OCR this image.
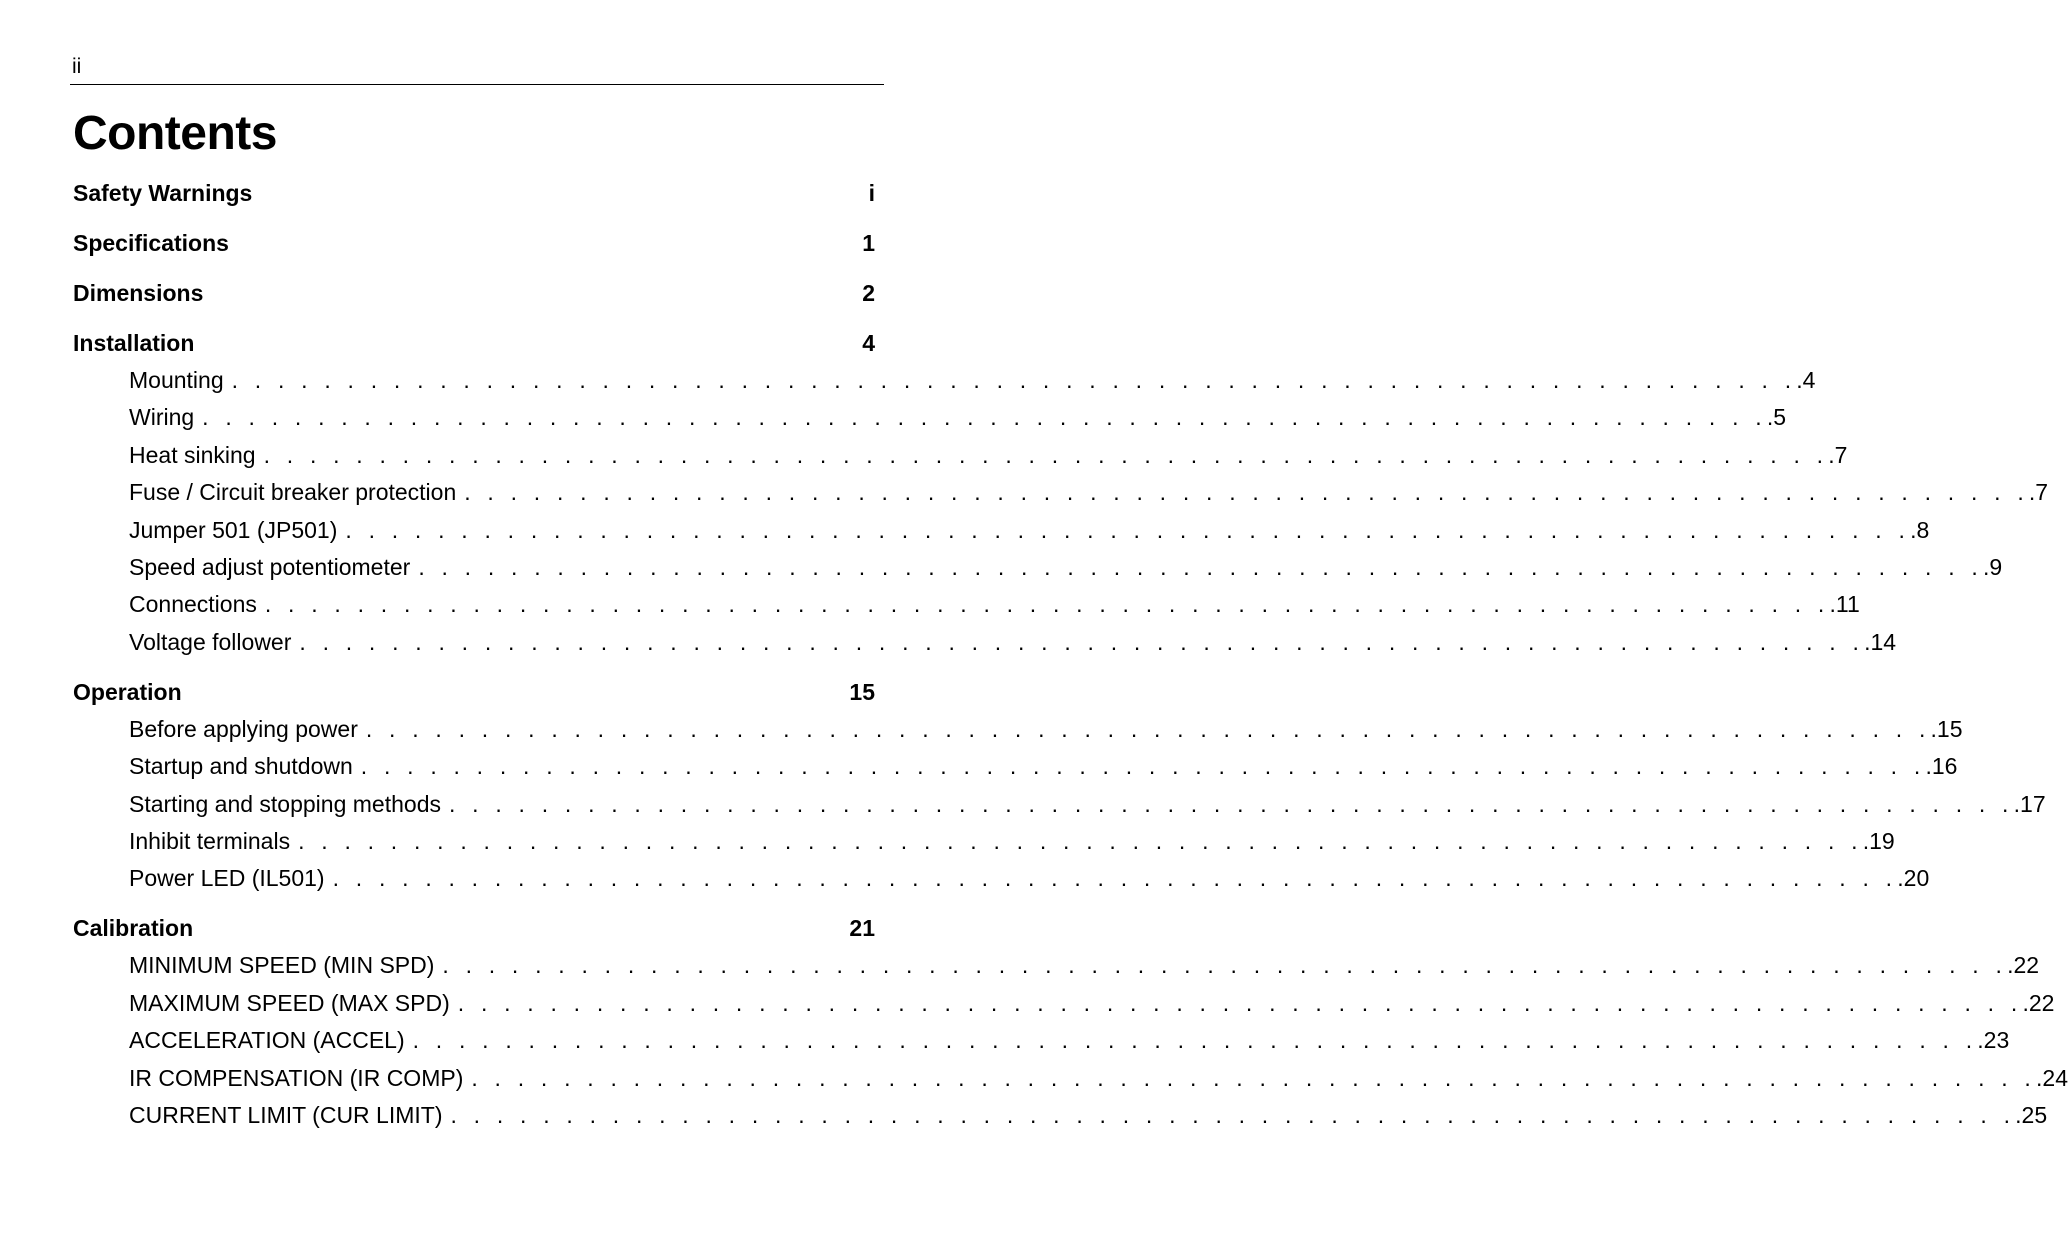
ii
Contents
Safety Warnings	i
Specifications	1
Dimensions	2
Installation	4
Mounting . . . . . . . . . . . . . . . . . . . . . . . . . . . . . . . . . . . . . . . . . . . . . . . . . . . . . . . . . . . . . . . . . . . . .4
Wiring . . . . . . . . . . . . . . . . . . . . . . . . . . . . . . . . . . . . . . . . . . . . . . . . . . . . . . . . . . . . . . . . . . . . .5
Heat sinking . . . . . . . . . . . . . . . . . . . . . . . . . . . . . . . . . . . . . . . . . . . . . . . . . . . . . . . . . . . . . . . . . . . . .7
Fuse / Circuit breaker protection . . . . . . . . . . . . . . . . . . . . . . . . . . . . . . . . . . . . . . . . . . . . . . . . . . . . . . . . . . . . . . . . . . . . .7
Jumper 501 (JP501) . . . . . . . . . . . . . . . . . . . . . . . . . . . . . . . . . . . . . . . . . . . . . . . . . . . . . . . . . . . . . . . . . . . . .8
Speed adjust potentiometer . . . . . . . . . . . . . . . . . . . . . . . . . . . . . . . . . . . . . . . . . . . . . . . . . . . . . . . . . . . . . . . . . . . . .9
Connections . . . . . . . . . . . . . . . . . . . . . . . . . . . . . . . . . . . . . . . . . . . . . . . . . . . . . . . . . . . . . . . . . . . . .11
Voltage follower . . . . . . . . . . . . . . . . . . . . . . . . . . . . . . . . . . . . . . . . . . . . . . . . . . . . . . . . . . . . . . . . . . . . .14
Operation	15
Before applying power . . . . . . . . . . . . . . . . . . . . . . . . . . . . . . . . . . . . . . . . . . . . . . . . . . . . . . . . . . . . . . . . . . . . .15
Startup and shutdown . . . . . . . . . . . . . . . . . . . . . . . . . . . . . . . . . . . . . . . . . . . . . . . . . . . . . . . . . . . . . . . . . . . . .16
Starting and stopping methods . . . . . . . . . . . . . . . . . . . . . . . . . . . . . . . . . . . . . . . . . . . . . . . . . . . . . . . . . . . . . . . . . . . . .17
Inhibit terminals . . . . . . . . . . . . . . . . . . . . . . . . . . . . . . . . . . . . . . . . . . . . . . . . . . . . . . . . . . . . . . . . . . . . .19
Power LED (IL501) . . . . . . . . . . . . . . . . . . . . . . . . . . . . . . . . . . . . . . . . . . . . . . . . . . . . . . . . . . . . . . . . . . . . .20
Calibration	21
MINIMUM SPEED (MIN SPD) . . . . . . . . . . . . . . . . . . . . . . . . . . . . . . . . . . . . . . . . . . . . . . . . . . . . . . . . . . . . . . . . . . . . .22
MAXIMUM SPEED (MAX SPD) . . . . . . . . . . . . . . . . . . . . . . . . . . . . . . . . . . . . . . . . . . . . . . . . . . . . . . . . . . . . . . . . . . . . .22
ACCELERATION (ACCEL) . . . . . . . . . . . . . . . . . . . . . . . . . . . . . . . . . . . . . . . . . . . . . . . . . . . . . . . . . . . . . . . . . . . . .23
IR COMPENSATION (IR COMP) . . . . . . . . . . . . . . . . . . . . . . . . . . . . . . . . . . . . . . . . . . . . . . . . . . . . . . . . . . . . . . . . . . . . .24
CURRENT LIMIT (CUR LIMIT) . . . . . . . . . . . . . . . . . . . . . . . . . . . . . . . . . . . . . . . . . . . . . . . . . . . . . . . . . . . . . . . . . . . . .25
